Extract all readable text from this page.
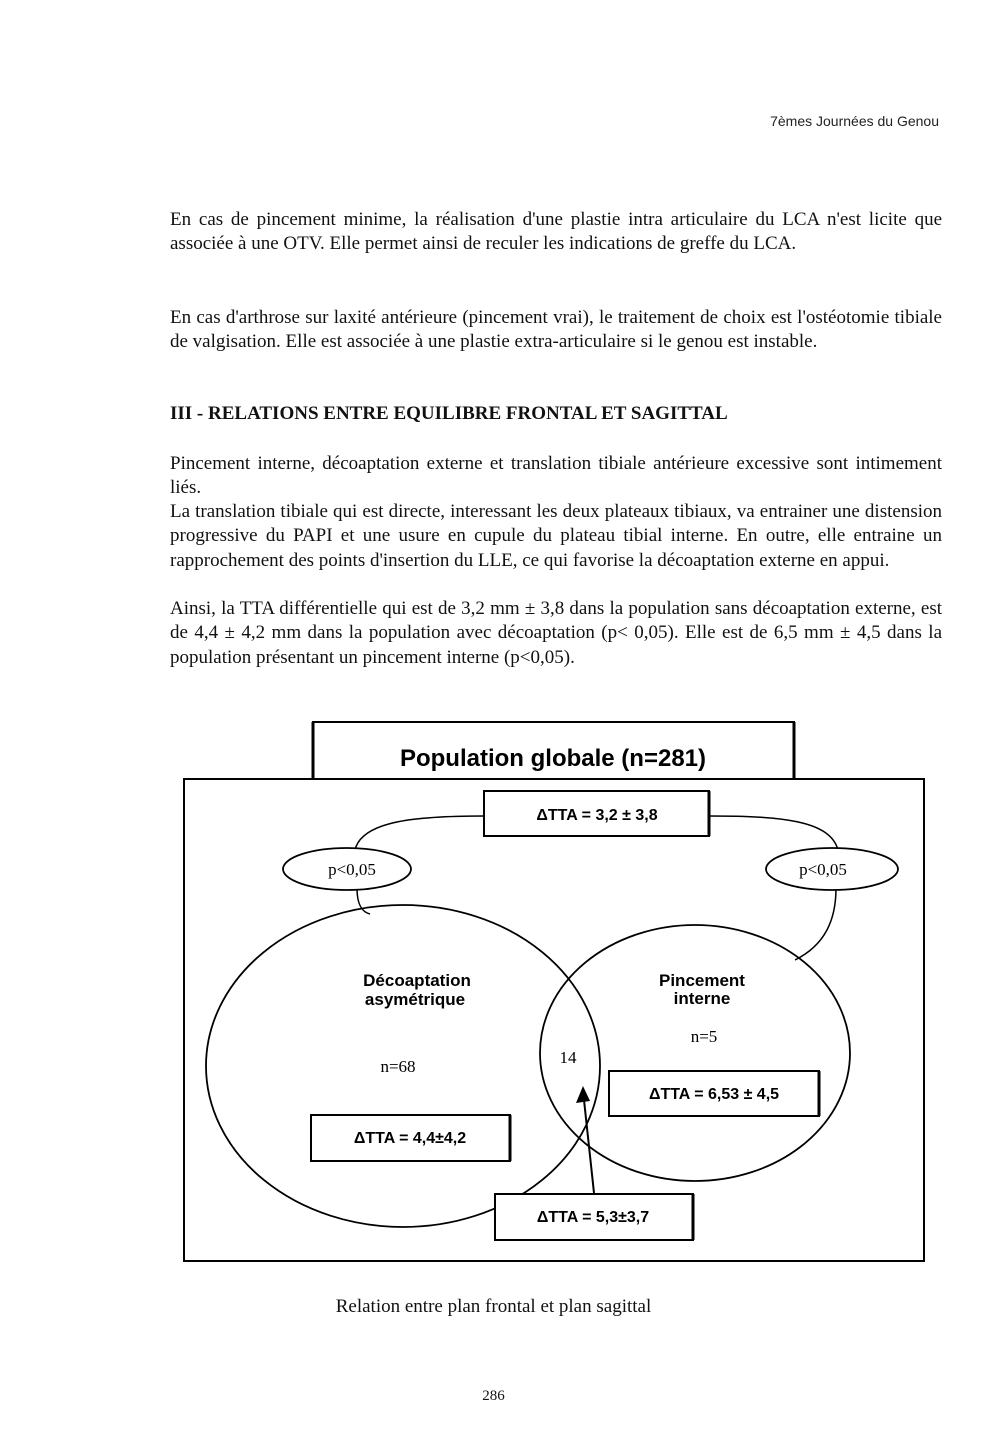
7èmes Journées du Genou

En cas de pincement minime, la réalisation d'une plastie intra articulaire du LCA n'est licite que associée à une OTV. Elle permet ainsi de reculer les indications de greffe du LCA.

En cas d'arthrose sur laxité antérieure (pincement vrai), le traitement de choix est l'ostéotomie tibiale de valgisation. Elle est associée à une plastie extra-articulaire si le genou est instable.

III - RELATIONS ENTRE EQUILIBRE FRONTAL ET SAGITTAL

Pincement interne, décoaptation externe et translation tibiale antérieure excessive sont intimement liés.

La translation tibiale qui est directe, interessant les deux plateaux tibiaux, va entrainer une distension progressive du PAPI et une usure en cupule du plateau tibial interne. En outre, elle entraine un rapprochement des points d'insertion du LLE, ce qui favorise la décoaptation externe en appui.

Ainsi, la TTA différentielle qui est de 3,2 mm ± 3,8 dans la population sans décoaptation externe, est de 4,4 ± 4,2 mm dans la population avec décoaptation (p< 0,05). Elle est de 6,5 mm ± 4,5 dans la population présentant un pincement interne (p<0,05).

Population globale (n=281)
ΔTTA = 3,2 ± 3,8
p<0,05	p<0,05
Décoaptation
asymétrique
n=68
Pincement
interne
n=5
14
ΔTTA = 4,4±4,2
ΔTTA = 6,53 ± 4,5
ΔTTA = 5,3±3,7
Relation entre plan frontal et plan sagittal
286
